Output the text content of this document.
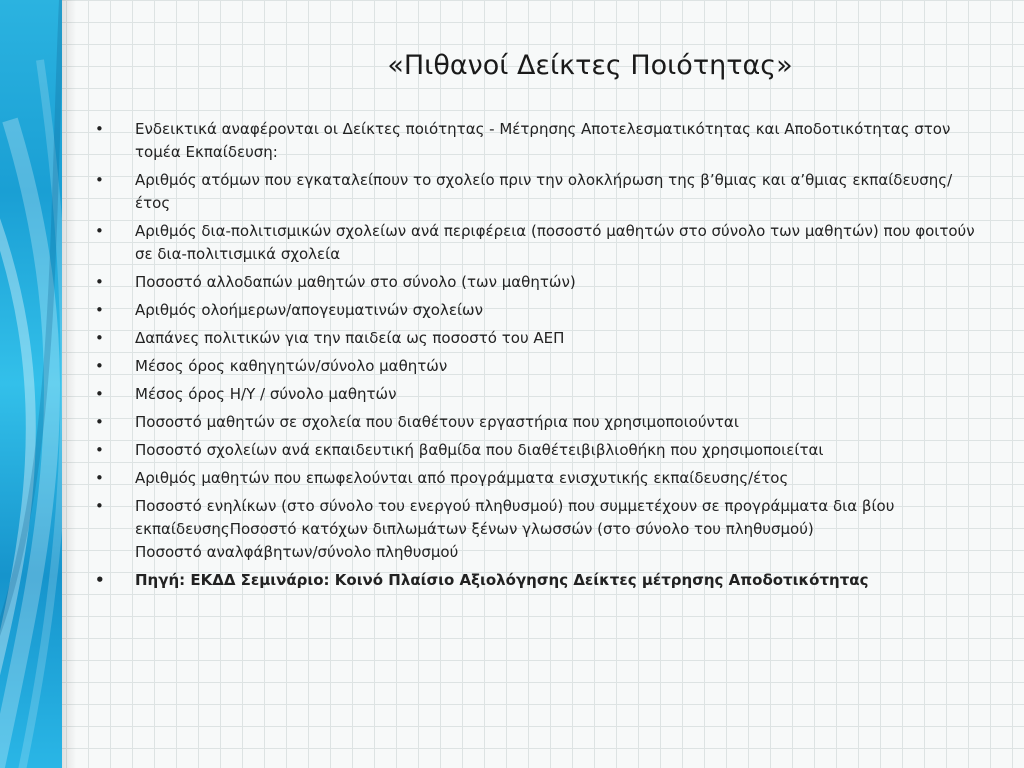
«Πιθανοί Δείκτες Ποιότητας»
• Ενδεικτικά αναφέρονται οι Δείκτες ποιότητας - Μέτρησης Αποτελεσματικότητας και Αποδοτικότητας στον τομέα Εκπαίδευση:
• Αριθμός ατόμων που εγκαταλείπουν το σχολείο πριν την ολοκλήρωση της β’θμιας και α’θμιας εκπαίδευσης/έτος
• Αριθμός δια-πολιτισμικών σχολείων ανά περιφέρεια (ποσοστό μαθητών στο σύνολο των μαθητών) που φοιτούν σε δια-πολιτισμικά σχολεία
• Ποσοστό αλλοδαπών μαθητών στο σύνολο (των μαθητών)
• Αριθμός ολοήμερων/απογευματινών σχολείων
• Δαπάνες πολιτικών για την παιδεία ως ποσοστό του ΑΕΠ
• Μέσος όρος καθηγητών/σύνολο μαθητών
• Μέσος όρος Η/Υ / σύνολο μαθητών
• Ποσοστό μαθητών σε σχολεία που διαθέτουν εργαστήρια που χρησιμοποιούνται
• Ποσοστό σχολείων ανά εκπαιδευτική βαθμίδα που διαθέτειβιβλιοθήκη που χρησιμοποιείται
• Αριθμός μαθητών που επωφελούνται από προγράμματα ενισχυτικής εκπαίδευσης/έτος
• Ποσοστό ενηλίκων (στο σύνολο του ενεργού πληθυσμού) που συμμετέχουν σε προγράμματα δια βίου εκπαίδευσηςΠοσοστό κατόχων διπλωμάτων ξένων γλωσσών (στο σύνολο του πληθυσμού)
Ποσοστό αναλφάβητων/σύνολο πληθυσμού
• Πηγή: ΕΚΔΔ Σεμινάριο: Κοινό Πλαίσιο Αξιολόγησης Δείκτες μέτρησης Αποδοτικότητας
